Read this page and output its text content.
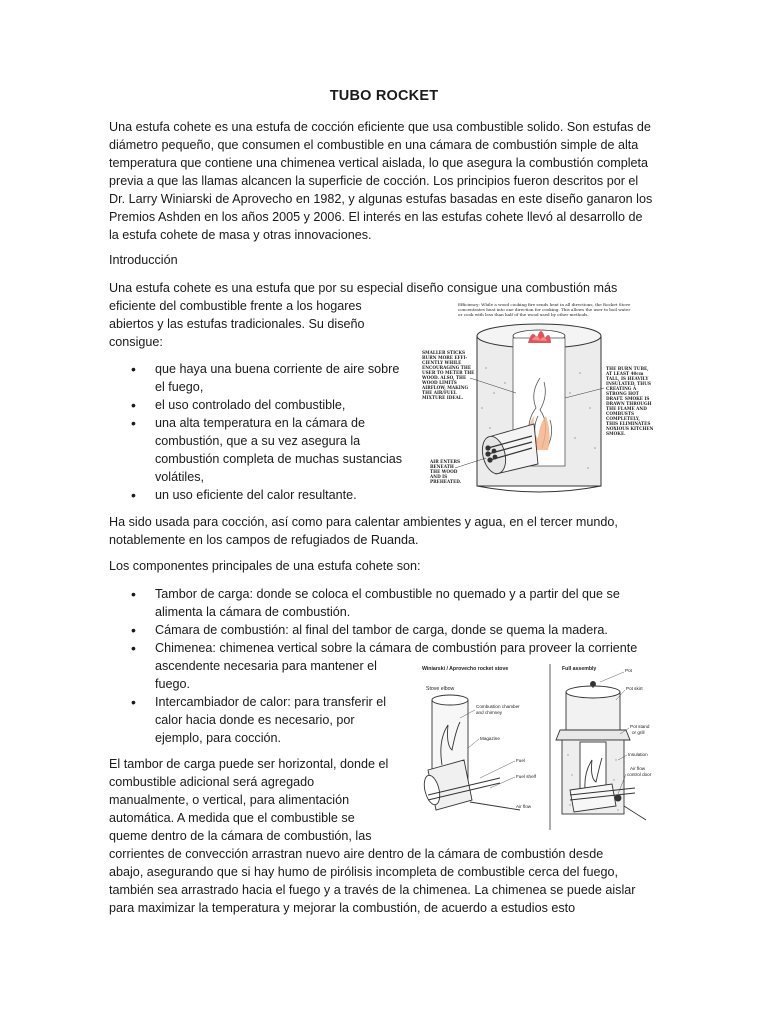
TUBO ROCKET

Una estufa cohete es una estufa de cocción eficiente que usa combustible solido. Son estufas de diámetro pequeño, que consumen el combustible en una cámara de combustión simple de alta temperatura que contiene una chimenea vertical aislada, lo que asegura la combustión completa previa a que las llamas alcancen la superficie de cocción. Los principios fueron descritos por el Dr. Larry Winiarski de Aprovecho en 1982, y algunas estufas basadas en este diseño ganaron los Premios Ashden en los años 2005 y 2006. El interés en las estufas cohete llevó al desarrollo de la estufa cohete de masa y otras innovaciones.

Introducción

Una estufa cohete es una estufa que por su especial diseño consigue una combustión más

eficiente del combustible frente a los hogares
abiertos y las estufas tradicionales. Su diseño
consigue:
• que haya una buena corriente de aire sobre
el fuego,
• el uso controlado del combustible,
• una alta temperatura en la cámara de
combustión, que a su vez asegura la
combustión completa de muchas sustancias
volátiles,
• un uso eficiente del calor resultante.

Ha sido usada para cocción, así como para calentar ambientes y agua, en el tercer mundo, notablemente en los campos de refugiados de Ruanda.

Los componentes principales de una estufa cohete son:

• Tambor de carga: donde se coloca el combustible no quemado y a partir del que se
alimenta la cámara de combustión.
• Cámara de combustión: al final del tambor de carga, donde se quema la madera.
• Chimenea: chimenea vertical sobre la cámara de combustión para proveer la corriente
ascendente necesaria para mantener el
fuego.
• Intercambiador de calor: para transferir el
calor hacia donde es necesario, por
ejemplo, para cocción.
El tambor de carga puede ser horizontal, donde el
combustible adicional será agregado
manualmente, o vertical, para alimentación
automática. A medida que el combustible se
queme dentro de la cámara de combustión, las
corrientes de convección arrastran nuevo aire dentro de la cámara de combustión desde
abajo, asegurando que si hay humo de pirólisis incompleta de combustible cerca del fuego,
también sea arrastrado hacia el fuego y a través de la chimenea. La chimenea se puede aislar
para maximizar la temperatura y mejorar la combustión, de acuerdo a estudios esto
Efficiency: While a wood cooking fire sends heat in all directions, the Rocket Stove
concentrates heat into one direction for cooking. This allows the user to boil water
or cook with less than half of the wood used by other methods.
SMALLER STICKS
BURN MORE EFFI-
CIENTLY WHILE
ENCOURAGING THE
USER TO METER THE
WOOD. ALSO, THE
WOOD LIMITS
AIRFLOW, MAKING
THE AIR/FUEL
MIXTURE IDEAL.
THE BURN TUBE,
AT LEAST 40cm
TALL, IS HEAVILY
INSULATED, THUS
CREATING A
STRONG HOT
DRAFT. SMOKE IS
DRAWN THROUGH
THE FLAME AND
COMBUSTS
COMPLETELY,
THIS ELIMINATES
NOXIOUS KITCHEN
SMOKE.
AIR ENTERS
BENEATH
THE WOOD
AND IS
PREHEATED.
Winiarski / Aprovecho rocket stove	Full assembly
Stove elbow
Combustion chamber
and chimney
Magazine
Fuel
Fuel shelf
Air flow
Pot
Pot skirt
Pot stand
or grill
Insulation
Air flow
control door
